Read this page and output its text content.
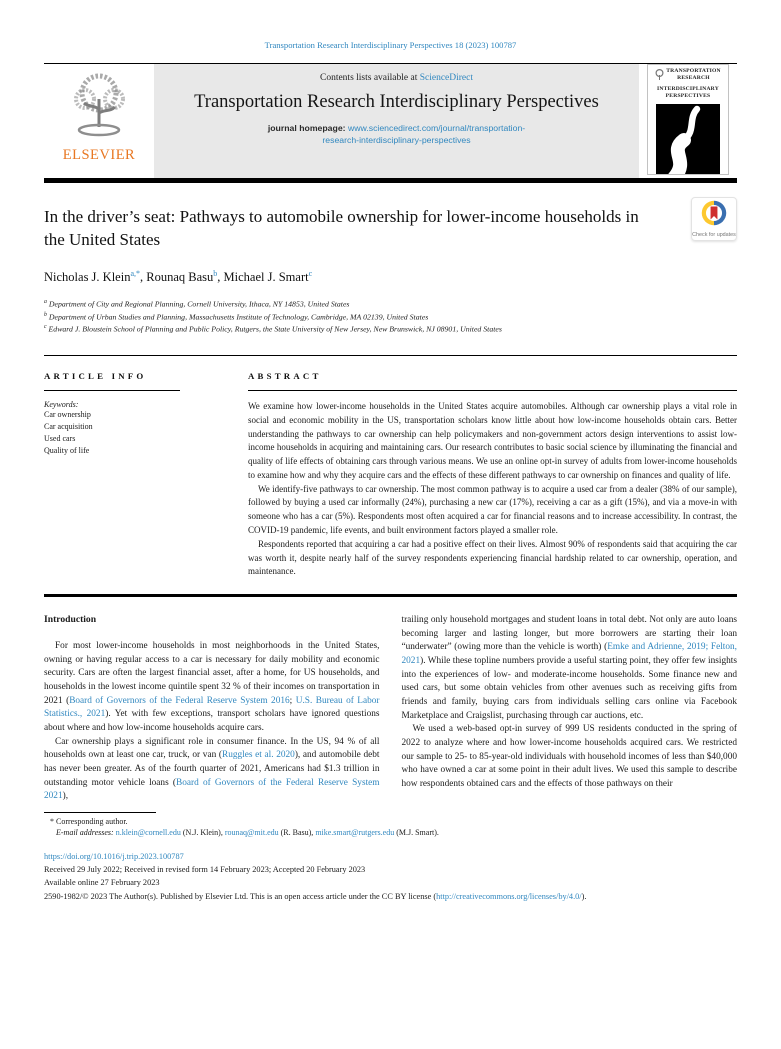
Transportation Research Interdisciplinary Perspectives 18 (2023) 100787
ELSEVIER
Contents lists available at ScienceDirect
Transportation Research Interdisciplinary Perspectives
journal homepage: www.sciencedirect.com/journal/transportation-
research-interdisciplinary-perspectives
TRANSPORTATION
RESEARCH
INTERDISCIPLINARY
PERSPECTIVES
In the driver’s seat: Pathways to automobile ownership for lower-income households in the United States	Check for updates
Nicholas J. Klein$^{a,*}$, Rounaq Basu$^b$, Michael J. Smart$^c$
$^a$ Department of City and Regional Planning, Cornell University, Ithaca, NY 14853, United States
$^b$ Department of Urban Studies and Planning, Massachusetts Institute of Technology, Cambridge, MA 02139, United States
$^c$ Edward J. Bloustein School of Planning and Public Policy, Rutgers, the State University of New Jersey, New Brunswick, NJ 08901, United States
ARTICLE INFO
Keywords:
Car ownership
Car acquisition
Used cars
Quality of life
ABSTRACT

We examine how lower-income households in the United States acquire automobiles. Although car ownership plays a vital role in social and economic mobility in the US, transportation scholars know little about how low-income households obtain cars. Better understanding the pathways to car ownership can help policymakers and non-government actors design interventions to assist low-income households in acquiring and maintaining cars. Our research contributes to basic social science by illuminating the financial and quality of life effects of obtaining cars through various means. We use an online opt-in survey of adults from lower-income households to examine how and why they acquire cars and the effects of these different pathways to car ownership on finances and quality of life.

We identify-five pathways to car ownership. The most common pathway is to acquire a used car from a dealer (38% of our sample), followed by buying a used car informally (24%), purchasing a new car (17%), receiving a car as a gift (15%), and via a move-in with someone who has a car (5%). Respondents most often acquired a car for financial reasons and to increase accessibility. In contrast, the COVID-19 pandemic, life events, and built environment factors played a smaller role.

Respondents reported that acquiring a car had a positive effect on their lives. Almost 90% of respondents said that acquiring the car was worth it, despite nearly half of the survey respondents experiencing financial hardship related to car ownership, operation, and maintenance.

Introduction

For most lower-income households in most neighborhoods in the United States, owning or having regular access to a car is necessary for daily mobility and economic security. Cars are often the largest financial asset, after a home, for US households, and households in the lowest income quintile spent 32 % of their incomes on transportation in 2021 (Board of Governors of the Federal Reserve System 2016; U.S. Bureau of Labor Statistics., 2021). Yet with few exceptions, transport scholars have ignored questions about where and how low-income households acquire cars.

Car ownership plays a significant role in consumer finance. In the US, 94 % of all households own at least one car, truck, or van (Ruggles et al. 2020), and automobile debt has never been greater. As of the fourth quarter of 2021, Americans had $1.3 trillion in outstanding motor vehicle loans (Board of Governors of the Federal Reserve System 2021),

trailing only household mortgages and student loans in total debt. Not only are auto loans becoming larger and lasting longer, but more borrowers are starting their loan “underwater” (owing more than the vehicle is worth) (Emke and Adrienne, 2019; Felton, 2021). While these topline numbers provide a useful starting point, they offer few insights into the experiences of low- and moderate-income households. Some finance new and used cars, but some obtain vehicles from other avenues such as receiving gifts from friends and family, buying cars from individuals selling cars online via Facebook Marketplace and Craigslist, purchasing through car auctions, etc.

We used a web-based opt-in survey of 999 US residents conducted in the spring of 2022 to analyze where and how lower-income households acquired cars. We restricted our sample to 25- to 85-year-old individuals with household incomes of less than $40,000 who have owned a car at some point in their adult lives. We used this sample to describe how respondents obtained cars and the effects of those pathways on their

* Corresponding author.
E-mail addresses: n.klein@cornell.edu (N.J. Klein), rounaq@mit.edu (R. Basu), mike.smart@rutgers.edu (M.J. Smart).
https://doi.org/10.1016/j.trip.2023.100787
Received 29 July 2022; Received in revised form 14 February 2023; Accepted 20 February 2023
Available online 27 February 2023
2590-1982/© 2023 The Author(s). Published by Elsevier Ltd. This is an open access article under the CC BY license (http://creativecommons.org/licenses/by/4.0/).
